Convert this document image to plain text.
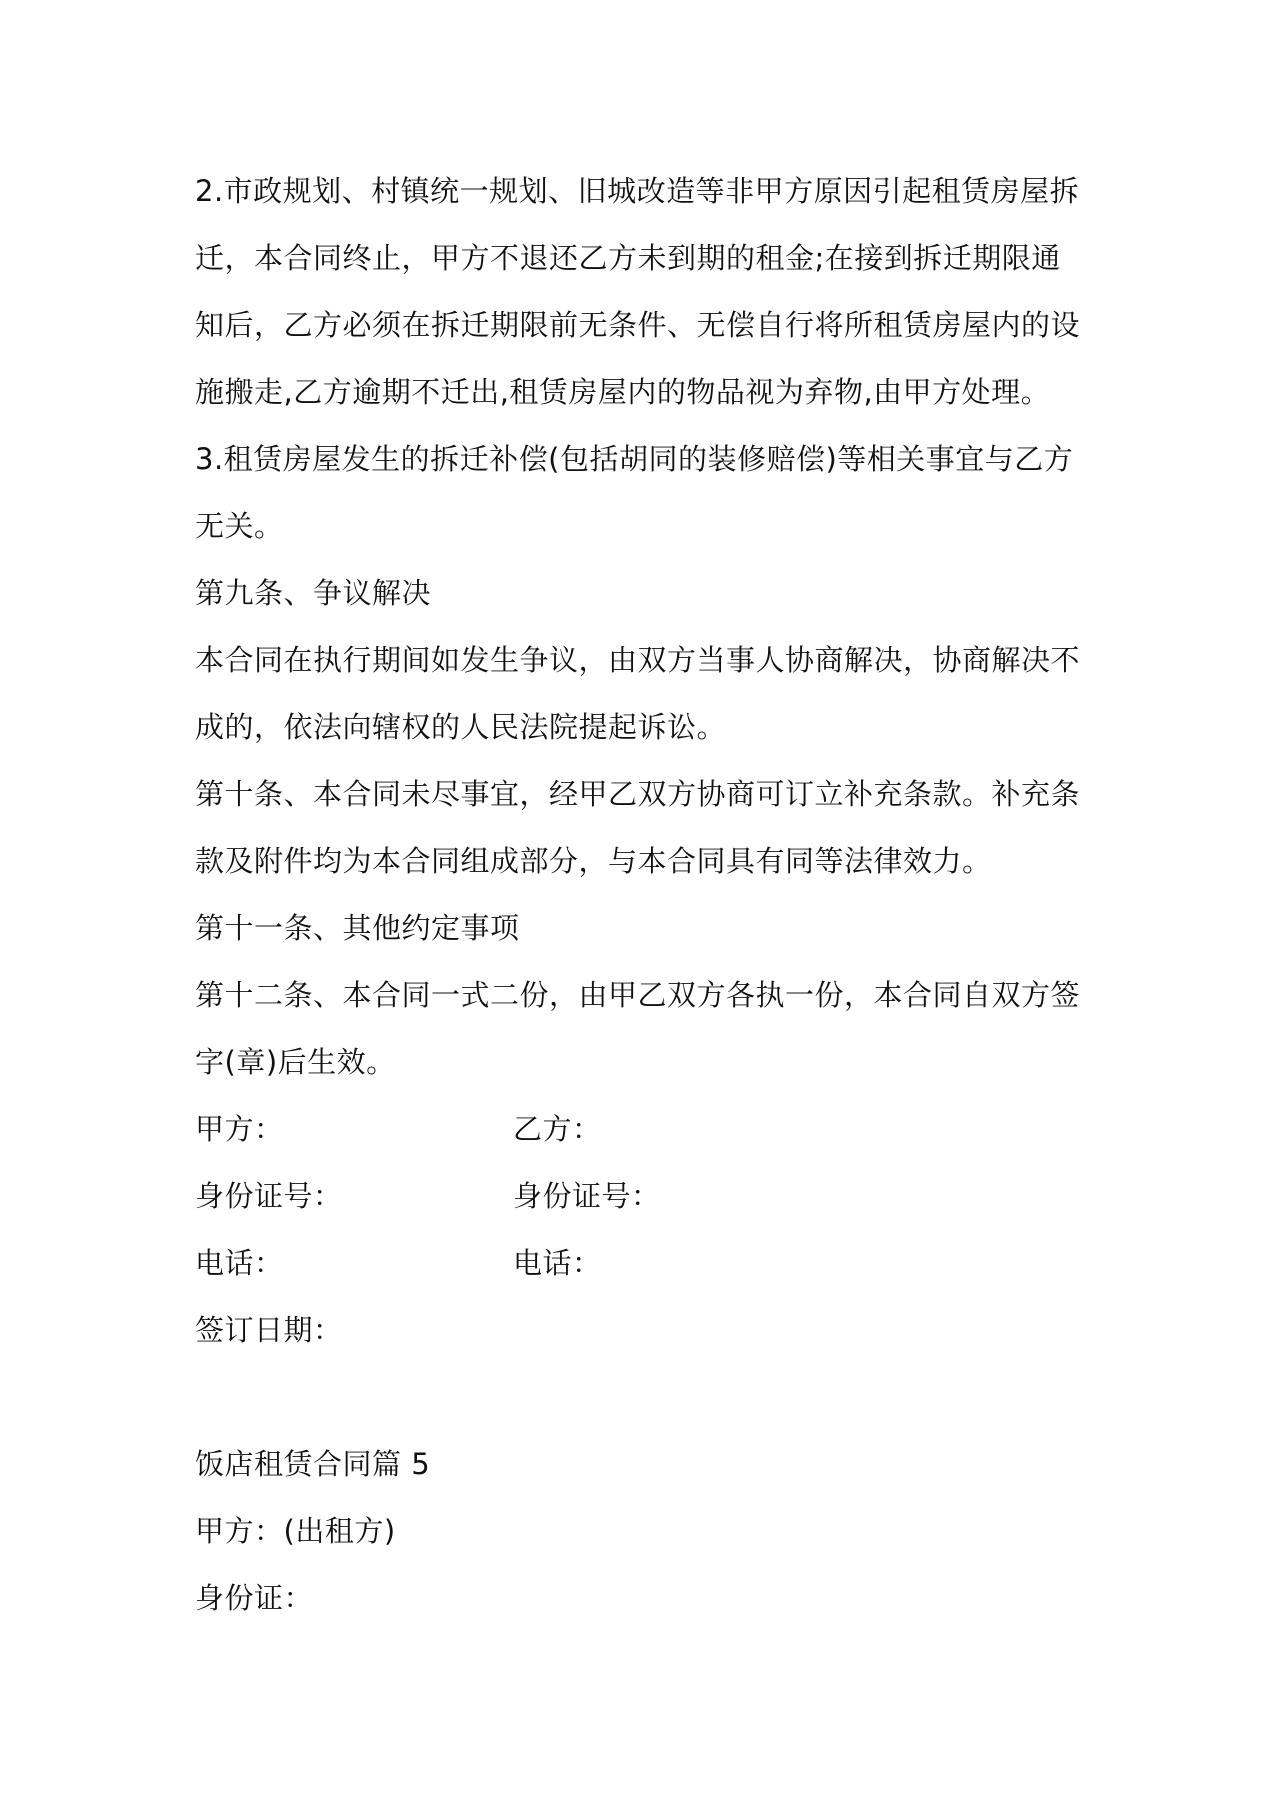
2.市政规划、村镇统一规划、旧城改造等非甲方原因引起租赁房屋拆
迁，本合同终止，甲方不退还乙方未到期的租金;在接到拆迁期限通
知后，乙方必须在拆迁期限前无条件、无偿自行将所租赁房屋内的设
施搬走,乙方逾期不迁出,租赁房屋内的物品视为弃物,由甲方处理。
3.租赁房屋发生的拆迁补偿(包括胡同的装修赔偿)等相关事宜与乙方
无关。
第九条、争议解决
本合同在执行期间如发生争议，由双方当事人协商解决，协商解决不
成的，依法向辖权的人民法院提起诉讼。
第十条、本合同未尽事宜，经甲乙双方协商可订立补充条款。补充条
款及附件均为本合同组成部分，与本合同具有同等法律效力。
第十一条、其他约定事项
第十二条、本合同一式二份，由甲乙双方各执一份，本合同自双方签
字(章)后生效。
甲方：	乙方：
身份证号：	身份证号：
电话：	电话：
签订日期：
饭店租赁合同篇 5
甲方：(出租方)
身份证：
